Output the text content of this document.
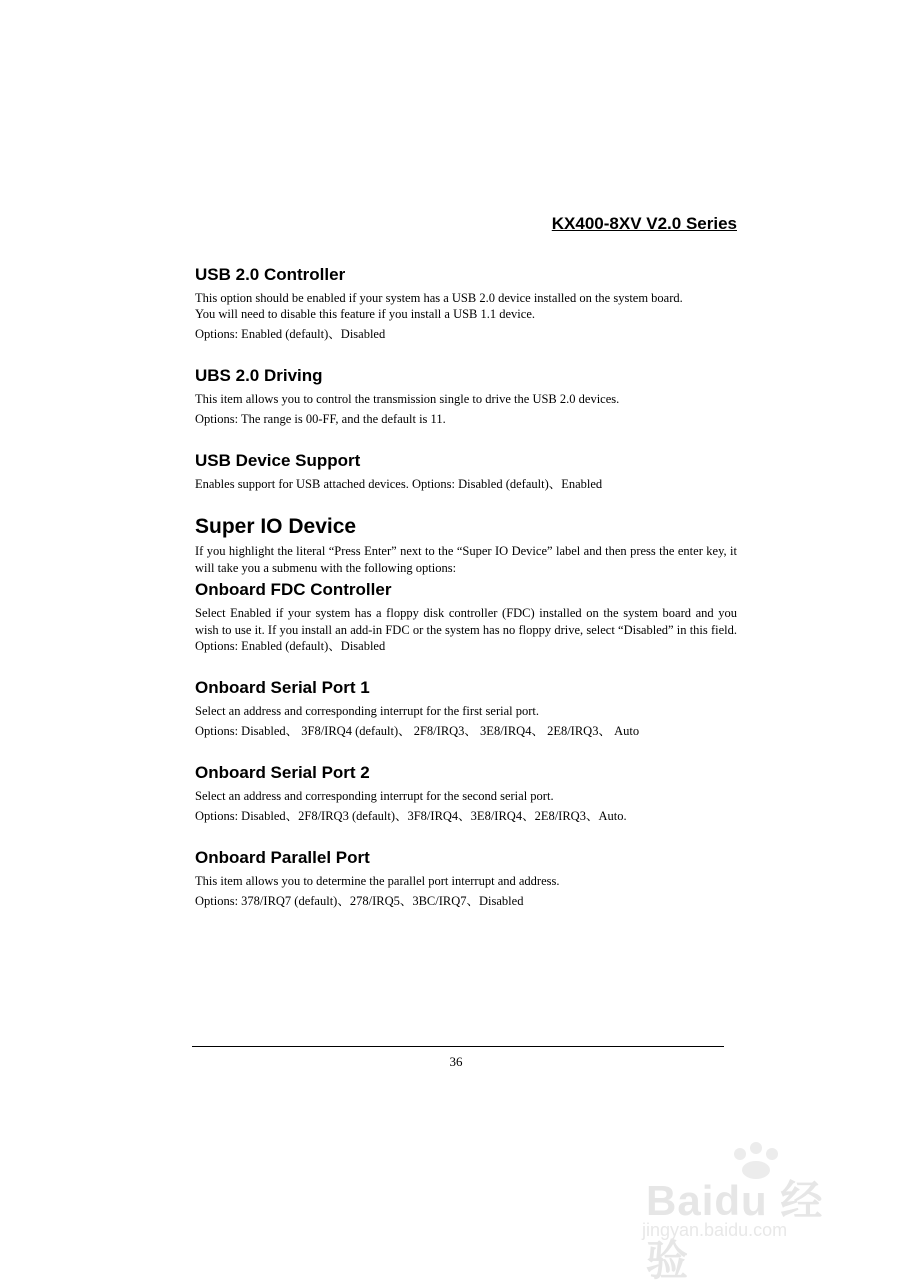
KX400-8XV V2.0 Series
USB 2.0 Controller

This option should be enabled if your system has a USB 2.0 device installed on the system board.

You will need to disable this feature if you install a USB 1.1 device.

Options: Enabled (default)、Disabled

UBS 2.0 Driving

This item allows you to control the transmission single to drive the USB 2.0 devices.

Options: The range is 00-FF, and the default is 11.

USB Device Support

Enables support for USB attached devices. Options: Disabled (default)、Enabled

Super IO Device

If you highlight the literal “Press Enter” next to the “Super IO Device” label and then press the enter key, it will take you a submenu with the following options:

Onboard FDC Controller

Select Enabled if your system has a floppy disk controller (FDC) installed on the system board and you wish to use it. If you install an add-in FDC or the system has no floppy drive, select “Disabled” in this field. Options: Enabled (default)、Disabled

Onboard Serial Port 1

Select an address and corresponding interrupt for the first serial port.

Options: Disabled、 3F8/IRQ4 (default)、 2F8/IRQ3、 3E8/IRQ4、 2E8/IRQ3、 Auto

Onboard Serial Port 2

Select an address and corresponding interrupt for the second serial port.

Options: Disabled、2F8/IRQ3 (default)、3F8/IRQ4、3E8/IRQ4、2E8/IRQ3、Auto.

Onboard Parallel Port

This item allows you to determine the parallel port interrupt and address.

Options: 378/IRQ7 (default)、278/IRQ5、3BC/IRQ7、Disabled

36
Baidu 经验
jingyan.baidu.com
